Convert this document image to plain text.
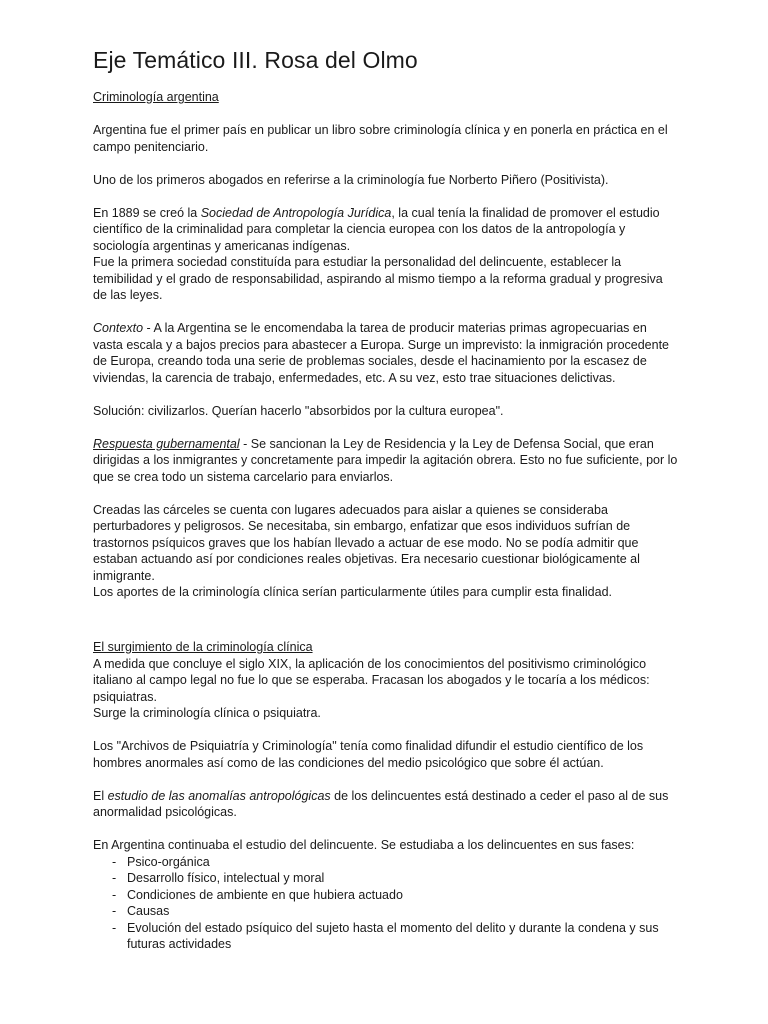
Eje Temático III. Rosa del Olmo

Criminología argentina

Argentina fue el primer país en publicar un libro sobre criminología clínica y en ponerla en práctica en el campo penitenciario.

Uno de los primeros abogados en referirse a la criminología fue Norberto Piñero (Positivista).

En 1889 se creó la Sociedad de Antropología Jurídica, la cual tenía la finalidad de promover el estudio científico de la criminalidad para completar la ciencia europea con los datos de la antropología y sociología argentinas y americanas indígenas.

Fue la primera sociedad constituída para estudiar la personalidad del delincuente, establecer la temibilidad y el grado de responsabilidad, aspirando al mismo tiempo a la reforma gradual y progresiva de las leyes.

Contexto - A la Argentina se le encomendaba la tarea de producir materias primas agropecuarias en vasta escala y a bajos precios para abastecer a Europa. Surge un imprevisto: la inmigración procedente de Europa, creando toda una serie de problemas sociales, desde el hacinamiento por la escasez de viviendas, la carencia de trabajo, enfermedades, etc. A su vez, esto trae situaciones delictivas.

Solución: civilizarlos. Querían hacerlo "absorbidos por la cultura europea".

Respuesta gubernamental - Se sancionan la Ley de Residencia y la Ley de Defensa Social, que eran dirigidas a los inmigrantes y concretamente para impedir la agitación obrera. Esto no fue suficiente, por lo que se crea todo un sistema carcelario para enviarlos.

Creadas las cárceles se cuenta con lugares adecuados para aislar a quienes se consideraba perturbadores y peligrosos. Se necesitaba, sin embargo, enfatizar que esos individuos sufrían de trastornos psíquicos graves que los habían llevado a actuar de ese modo. No se podía admitir que estaban actuando así por condiciones reales objetivas. Era necesario cuestionar biológicamente al inmigrante.

Los aportes de la criminología clínica serían particularmente útiles para cumplir esta finalidad.

El surgimiento de la criminología clínica

A medida que concluye el siglo XIX, la aplicación de los conocimientos del positivismo criminológico italiano al campo legal no fue lo que se esperaba. Fracasan los abogados y le tocaría a los médicos: psiquiatras.

Surge la criminología clínica o psiquiatra.

Los "Archivos de Psiquiatría y Criminología" tenía como finalidad difundir el estudio científico de los hombres anormales así como de las condiciones del medio psicológico que sobre él actúan.

El estudio de las anomalías antropológicas de los delincuentes está destinado a ceder el paso al de sus anormalidad psicológicas.

En Argentina continuaba el estudio del delincuente. Se estudiaba a los delincuentes en sus fases:

- Psico-orgánica
- Desarrollo físico, intelectual y moral
- Condiciones de ambiente en que hubiera actuado
- Causas
- Evolución del estado psíquico del sujeto hasta el momento del delito y durante la condena y sus futuras actividades
